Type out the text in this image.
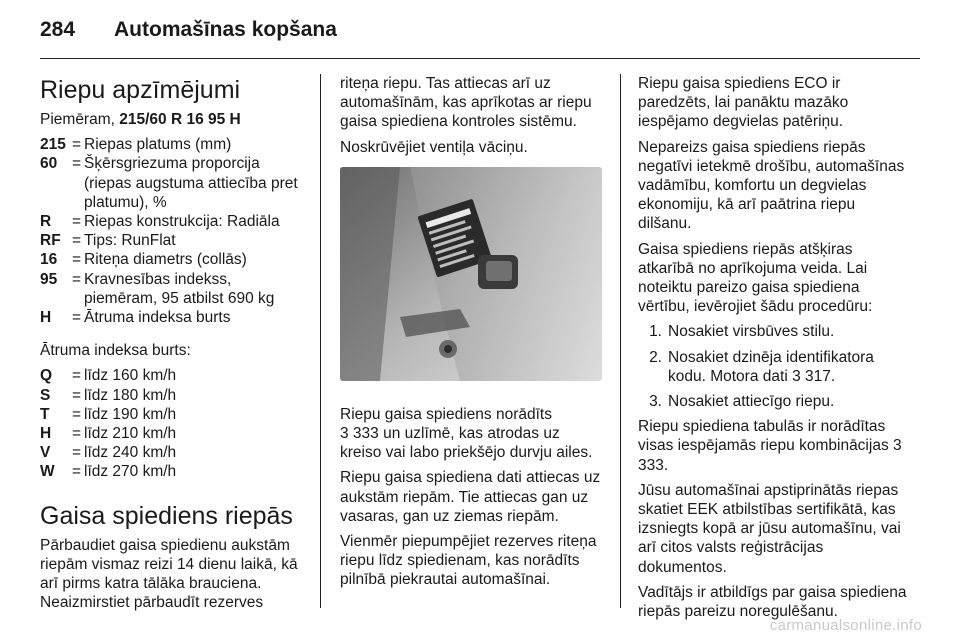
284 Automašīnas kopšana
Riepu apzīmējumi

Piemēram, 215/60 R 16 95 H

215 = Riepas platums (mm)
60 = Šķērsgriezuma proporcija (riepas augstuma attiecība pret platumu), %
R	= Riepas konstrukcija: Radiāla
RF = Tips: RunFlat
16 = Riteņa diametrs (collās)
95 = Kravnesības indekss, piemēram, 95 atbilst 690 kg
H	= Ātruma indeksa burts

Ātruma indeksa burts:

Q	= līdz 160 km/h
S	= līdz 180 km/h
T	= līdz 190 km/h
H	= līdz 210 km/h
V	= līdz 240 km/h
W	= līdz 270 km/h
Gaisa spiediens riepās

Pārbaudiet gaisa spiedienu aukstām riepām vismaz reizi 14 dienu laikā, kā arī pirms katra tālāka brauciena. Neaizmirstiet pārbaudīt rezerves

riteņa riepu. Tas attiecas arī uz automašīnām, kas aprīkotas ar riepu gaisa spiediena kontroles sistēmu.

Noskrūvējiet ventiļa vāciņu.

Riepu gaisa spiediens norādīts

3 333 un uzlīmē, kas atrodas uz kreiso vai labo priekšējo durvju ailes.

Riepu gaisa spiediena dati attiecas uz aukstām riepām. Tie attiecas gan uz vasaras, gan uz ziemas riepām.

Vienmēr piepumpējiet rezerves riteņa riepu līdz spiedienam, kas norādīts pilnībā piekrautai automašīnai.

Riepu gaisa spiediens ECO ir paredzēts, lai panāktu mazāko iespējamo degvielas patēriņu.

Nepareizs gaisa spiediens riepās negatīvi ietekmē drošību, automašīnas vadāmību, komfortu un degvielas ekonomiju, kā arī paātrina riepu dilšanu.

Gaisa spiediens riepās atšķiras atkarībā no aprīkojuma veida. Lai noteiktu pareizo gaisa spiediena vērtību, ievērojiet šādu procedūru:

1. Nosakiet virsbūves stilu.
2. Nosakiet dzinēja identifikatora kodu. Motora dati 3 317.
3. Nosakiet attiecīgo riepu.

Riepu spiediena tabulās ir norādītas visas iespējamās riepu kombinācijas 3 333.

Jūsu automašīnai apstiprinātās riepas skatiet EEK atbilstības sertifikātā, kas izsniegts kopā ar jūsu automašīnu, vai arī citos valsts reģistrācijas dokumentos.

Vadītājs ir atbildīgs par gaisa spiediena riepās pareizu noregulēšanu.

carmanualsonline.info
